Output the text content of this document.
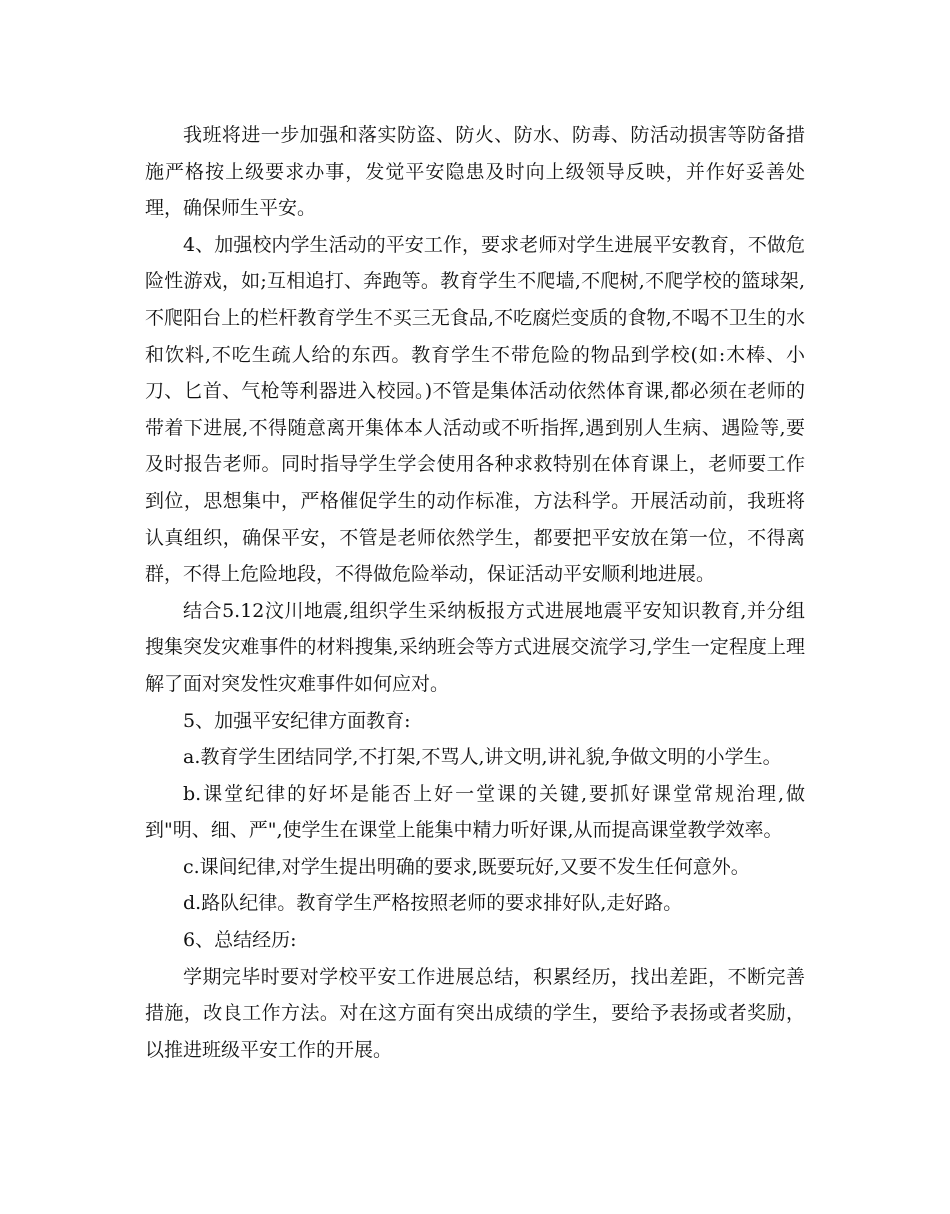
我班将进一步加强和落实防盗、防火、防水、防毒、防活动损害等防备措施严格按上级要求办事，发觉平安隐患及时向上级领导反映，并作好妥善处理，确保师生平安。

4、加强校内学生活动的平安工作，要求老师对学生进展平安教育，不做危险性游戏，如;互相追打、奔跑等。教育学生不爬墙,不爬树,不爬学校的篮球架,不爬阳台上的栏杆教育学生不买三无食品,不吃腐烂变质的食物,不喝不卫生的水和饮料,不吃生疏人给的东西。教育学生不带危险的物品到学校(如:木棒、小刀、匕首、气枪等利器进入校园。)不管是集体活动依然体育课,都必须在老师的带着下进展,不得随意离开集体本人活动或不听指挥,遇到别人生病、遇险等,要及时报告老师。同时指导学生学会使用各种求救特别在体育课上，老师要工作到位，思想集中，严格催促学生的动作标准，方法科学。开展活动前，我班将认真组织，确保平安，不管是老师依然学生，都要把平安放在第一位，不得离群，不得上危险地段，不得做危险举动，保证活动平安顺利地进展。

结合5.12汶川地震,组织学生采纳板报方式进展地震平安知识教育,并分组搜集突发灾难事件的材料搜集,采纳班会等方式进展交流学习,学生一定程度上理解了面对突发性灾难事件如何应对。

5、加强平安纪律方面教育:

a.教育学生团结同学,不打架,不骂人,讲文明,讲礼貌,争做文明的小学生。

b.课堂纪律的好坏是能否上好一堂课的关键,要抓好课堂常规治理,做到"明、细、严",使学生在课堂上能集中精力听好课,从而提高课堂教学效率。

c.课间纪律,对学生提出明确的要求,既要玩好,又要不发生任何意外。

d.路队纪律。教育学生严格按照老师的要求排好队,走好路。

6、总结经历:

学期完毕时要对学校平安工作进展总结，积累经历，找出差距，不断完善措施，改良工作方法。对在这方面有突出成绩的学生，要给予表扬或者奖励，以推进班级平安工作的开展。
